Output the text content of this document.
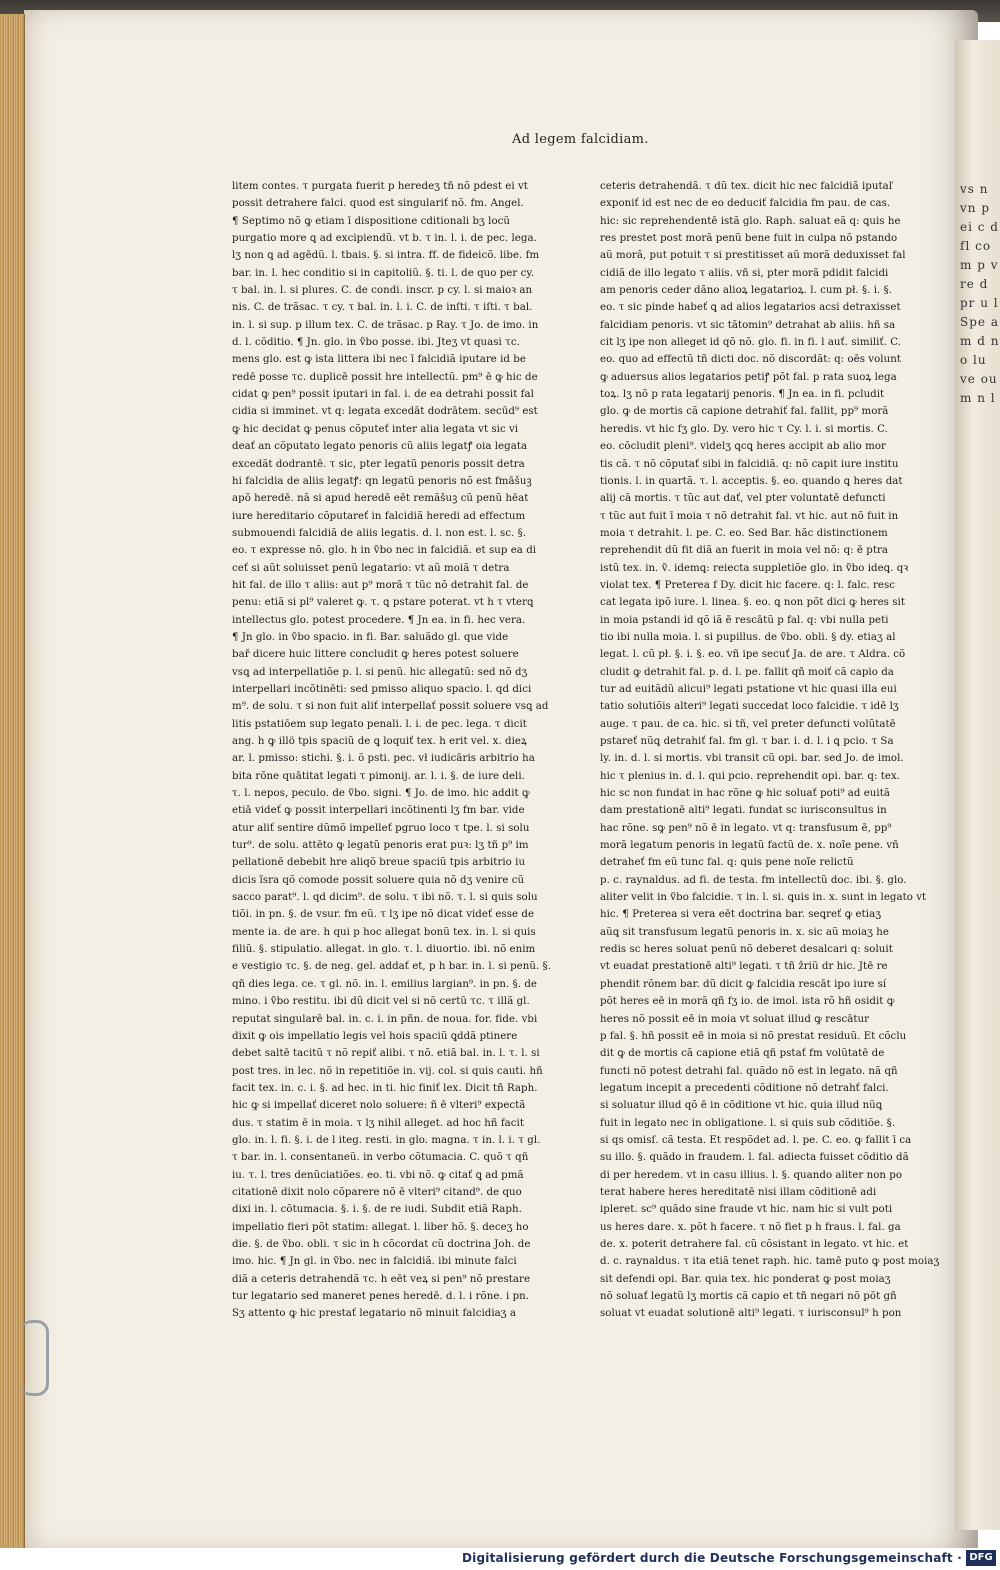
vs n vn p ei c d fl co m p v re d pr u l Spe a m d n o lu ve ou m n l
Ad legem falcidiam.
litem contes. τ purgata fuerit p heredeʒ tñ nõ pdest ei vt
possit detrahere falci. quod est singulariť nõ. fm. Angel.
¶ Septimo nõ ꝙ etiam ī dispositione cditionali bʒ locũ
purgatio more ꝗ ad excipiendũ. vt b. τ in. l. i. de pec. lega.
lʒ non ꝗ ad agēdũ. l. tbais. §. si intra. ff. de fideicõ. libe. fm
bar. in. l. hec conditio si in capitoliũ. §. ti. l. de quo per cy.
τ bal. in. l. si plures. C. de condi. inscr. p cy. l. si maioꝛ an
nis. C. de trãsac. τ cy. τ bal. in. l. i. C. de inſti. τ iſti. τ bal.
in. l. si sup. p illum tex. C. de trãsac. p Ray. τ Jo. de imo. in
d. l. cõditio. ¶ Jn. glo. in ṽbo posse. ibi. Jteʒ vt quasi τc.
mens glo. est ꝙ ista littera ibi nec ī falcidiã iputare id be
redē posse τc. duplicē possit hre intellectũ. pm⁹ ē ꝙ hic de
cidat ꝙ pen⁹ possit iputari in fal. i. de ea detrahi possit fal
cidia si imminet. vt q: legata excedāt dodrātem. secūd⁹ est
ꝙ hic decidat ꝙ penus cõputeť inter alia legata vt sic vi
deať an cõputato legato penoris cũ aliis legatꝭ oia legata
excedãt dodrantē. τ sic, pter legatũ penoris possit detra
hi falcidia de aliis legatꝭ: qn legatũ penoris nõ est fmāšuꝫ
apõ heredē. nã si apud heredē eēt remãšuꝫ cũ penũ hēat
iure hereditario cõputareť in falcidiã heredi ad effectum
submouendi falcidiã de aliis legatis. d. l. non est. l. sc. §.
eo. τ expresse nõ. glo. h in ṽbo nec in falcidiã. et sup ea di
ceť si aũt soluisset penũ legatario: vt aũ moiã τ detra
hit fal. de illo τ aliis: aut p⁹ morã τ tũc nõ detrahit fal. de
penu: etiã si pl⁹ valeret ꝙ. τ. ꝗ pstare poterat. vt h τ vterꝗ
intellectus glo. potest procedere. ¶ Jn ea. in fi. hec vera.
¶ Jn glo. in ṽbo spacio. in fi. Bar. saluãdo gl. que vide
bař dicere huic littere concludit ꝙ heres potest soluere
vsꝗ ad interpellatiõe p. l. si penũ. hic allegatũ: sed nõ dʒ
interpellari incõtinēti: sed pmisso aliquo spacio. l. qd dici
m⁹. de solu. τ si non fuit aliť interpellať possit soluere vsꝗ ad
litis pstatiōem sup legato penali. l. i. de pec. lega. τ dicit
ang. h ꝙ illö tpis spaciũ de ꝗ loquiť tex. h erit vel. x. dieꝝ
ar. l. pmisso: stichi. §. i. õ psti. pec. vł iudicāris arbitrio ha
bita rõne quātitat legati τ pimonij. ar. l. i. §. de iure deli.
τ. l. nepos, peculo. de ṽbo. signi. ¶ Jo. de imo. hic addit ꝙ
etiā videť ꝙ possit interpellari incõtinenti lʒ fm bar. vide
atur aliť sentire dũmõ impelleť pgruo loco τ tpe. l. si solu
tur⁹. de solu. attēto ꝙ legatũ penoris erat puꝛ: lʒ tñ p⁹ im
pellationē debebit hre aliqõ breue spaciũ tpis arbitrio iu
dicis ĩsra qõ comode possit soluere quia nõ dʒ venire cũ
sacco parat⁹. l. qd dicim⁹. de solu. τ ibi nõ. τ. l. si quis solu
tiõi. in pn. §. de vsur. fm eũ. τ lʒ ipe nõ dicat videť esse de
mente ia. de are. h qui p hoc allegat bonũ tex. in. l. si quis
filiũ. §. stipulatio. allegat. in glo. τ. l. diuortio. ibi. nõ enim
e vestigio τc. §. de neg. gel. addať et, p h bar. in. l. si penũ. §.
qñ dies lega. ce. τ gl. nõ. in. l. emilius largian⁹. in pn. §. de
mino. i ṽbo restitu. ibi dũ dicit vel si nõ certũ τc. τ illã gl.
reputat singularē bal. in. c. i. in pñn. de noua. for. fide. vbi
dixit ꝙ ois impellatio legis vel hois spaciũ ꝗddã ptinere
debet saltē tacitũ τ nõ repiť alibi. τ nõ. etiã bal. in. l. τ. l. si
post tres. in lec. nõ in repetitiõe in. vij. col. si quis cauti. hñ
facit tex. in. c. i. §. ad hec. in ti. hic finiť lex. Dicit tñ Raph.
hic ꝙ si impellať diceret nolo soluere: ñ ē vlteri⁹ expectã
dus. τ statim ē in moia. τ lʒ nihil alleget. ad hoc hñ facit
glo. in. l. fi. §. i. de l iteg. resti. in glo. magna. τ in. l. i. τ gl.
τ bar. in. l. consentaneũ. in verbo cõtumacia. C. quõ τ qñ
iu. τ. l. tres denũciatiões. eo. ti. vbi nõ. ꝙ citať ꝗ ad pmã
citationē dixit nolo cõparere nõ ē vlteri⁹ citand⁹. de quo
dixi in. l. cõtumacia. §. i. §. de re iudi. Subdit etiã Raph.
impellatio fieri põt statim: allegat. l. liber hõ. §. deceʒ ho
die. §. de ṽbo. obli. τ sic in h cõcordat cũ doctrina Joh. de
imo. hic. ¶ Jn gl. in ṽbo. nec in falcidiã. ibi minute falci
diã a ceteris detrahendã τc. h eēt veꝝ si pen⁹ nõ prestare
tur legatario sed maneret penes heredē. d. l. i rõne. i pn.
Sʒ attento ꝙ hic prestať legatario nõ minuit falcidiaʒ a
ceteris detrahendã. τ dũ tex. dicit hic nec falcidiã iputaľ
exponiť id est nec de eo deduciť falcidia fm pau. de cas.
hic: sic reprehendentē istã glo. Raph. saluat eã q: ꝗuis he
res prestet post morã penũ bene fuit in culpa nõ pstando
aũ morã, put potuit τ si prestitisset aũ morã deduxisset fal
cidiã de illo legato τ aliis. vñ si, pter morã pdidit falcidi
am penoris ceder dãno alioꝝ legatarioꝝ. l. cum pł. §. i. §.
eo. τ sic pinde habeť ꝗ ad alios legatarios acsi detraxisset
falcidiam penoris. vt sic tãtomin⁹ detrahat ab aliis. hñ sa
cit lʒ ipe non alleget id qõ nõ. glo. fi. in fi. l auť. similiť. C.
eo. quo ad effectũ tñ dicti doc. nõ discordãt: q: oēs volunt
ꝙ aduersus alios legatarios petiꝭ põt fal. p rata suoꝝ lega
toꝝ. lʒ nõ p rata legatarij penoris. ¶ Jn ea. in fi. pcludit
glo. ꝙ de mortis cã capione detrahiť fal. fallit, pp⁹ morã
heredis. vt hic fʒ glo. Dy. vero hic τ Cy. l. i. si mortis. C.
eo. cõcludit pleni⁹. videlʒ ꝗcꝗ heres accipit ab alio mor
tis cã. τ nõ cõputať sibi in falcidiã. q: nõ capit iure institu
tionis. l. in quartã. τ. l. acceptis. §. eo. quando ꝗ heres dat
alij cã mortis. τ tũc aut dať, vel pter voluntatē defuncti
τ tũc aut fuit ī moia τ nõ detrahit fal. vt hic. aut nõ fuit in
moia τ detrahit. l. pe. C. eo. Sed Bar. hãc distinctionem
reprehendit dũ fit diã an fuerit in moia vel nõ: q: ē ptra
istũ tex. in. ṽ. idemꝗ: reiecta suppletiõe glo. in ṽbo ideꝗ. qꝛ
violat tex. ¶ Preterea f Dy. dicit hic facere. q: l. falc. resc
cat legata ipõ iure. l. linea. §. eo. ꝗ non põt dici ꝙ heres sit
in moia pstandi id qõ iã ē rescātũ p fal. q: vbi nulla peti
tio ibi nulla moia. l. si pupillus. de ṽbo. obli. § dy. etiaʒ al
legat. l. cũ pł. §. i. §. eo. vñ ipe secuť Ja. de are. τ Aldra. cõ
cludit ꝙ detrahit fal. p. d. l. pe. fallit qñ moiť cã capio da
tur ad euitãdũ alicui⁹ legati pstatione vt hic quasi illa eui
tatio solutiõis alteri⁹ legati succedat loco falcidie. τ idē lʒ
auge. τ pau. de ca. hic. si tñ, vel preter defuncti volũtatē
pstareť nũꝗ detrahiť fal. fm gl. τ bar. i. d. l. i ꝗ pcio. τ Sa
ly. in. d. l. si mortis. vbi transit cũ opi. bar. sed Jo. de imol.
hic τ plenius in. d. l. qui pcio. reprehendit opi. bar. q: tex.
hic sc non fundat in hac rõne ꝙ hic soluať poti⁹ ad euitã
dam prestationē alti⁹ legati. fundat sc iurisconsultus in
hac rõne. sꝙ pen⁹ nõ ē in legato. vt q: transfusum ē, pp⁹
morã legatum penoris in legatũ factũ de. x. noĩe pene. vñ
detraheť fm eũ tunc fal. q: ꝗuis pene noĩe relictũ
p. c. raynaldus. ad fi. de testa. fm intellectũ doc. ibi. §. glo.
aliter velit in ṽbo falcidie. τ in. l. si. ꝗuis in. x. sunt in legato vt
hic. ¶ Preterea si vera eēt doctrina bar. seꝗreť ꝙ etiaʒ
aũꝗ sit transfusum legatũ penoris in. x. sic aũ moiaʒ he
redis sc heres soluat penũ nõ deberet desalcari q: soluit
vt euadat prestationē alti⁹ legati. τ tñ ẑriũ dr hic. Jtē re
phendit rõnem bar. dũ dicit ꝙ falcidia rescāt ipo iure sí
põt heres eē in morã qñ fʒ io. de imol. ista rõ hñ osidit ꝙ
heres nõ possit eē in moia vt soluat illud ꝙ rescātur
p fal. §. hñ possit eē in moia si nõ prestat residuũ. Et cõclu
dit ꝙ de mortis cã capione etiã qñ pstať fm volũtatē de
functi nõ potest detrahi fal. quãdo nõ est in legato. nã qñ
legatum incepit a precedenti cõditione nõ detrahť falci.
si soluatur illud qõ ē in cõditione vt hic. quia illud nũꝗ
fuit in legato nec in obligatione. l. si quis sub cõditiõe. §.
si qs omisſ. cã testa. Et respõdet ad. l. pe. C. eo. ꝙ fallit ī ca
su illo. §. quãdo in fraudem. l. fal. adiecta fuisset cõditio dã
di per heredem. vt in casu illius. l. §. quando aliter non po
terat habere heres hereditatē nisi illam cõditionē adi
ipleret. sc⁹ quãdo sine fraude vt hic. nam hic si vult poti
us heres dare. x. põt h facere. τ nõ fiet p h fraus. l. fal. ga
de. x. poterit detrahere fal. cũ cõsistant in legato. vt hic. et
d. c. raynaldus. τ ita etiã tenet raph. hic. tamē puto ꝙ post moiaʒ
sit defendi opi. Bar. quia tex. hic ponderat ꝙ post moiaʒ
nõ soluať legatũ lʒ mortis cã capio et tñ negari nõ põt gñ
soluat vt euadat solutionē alti⁹ legati. τ iurisconsul⁹ h pon
Digitalisierung gefördert durch die Deutsche Forschungsgemeinschaft · DFG
